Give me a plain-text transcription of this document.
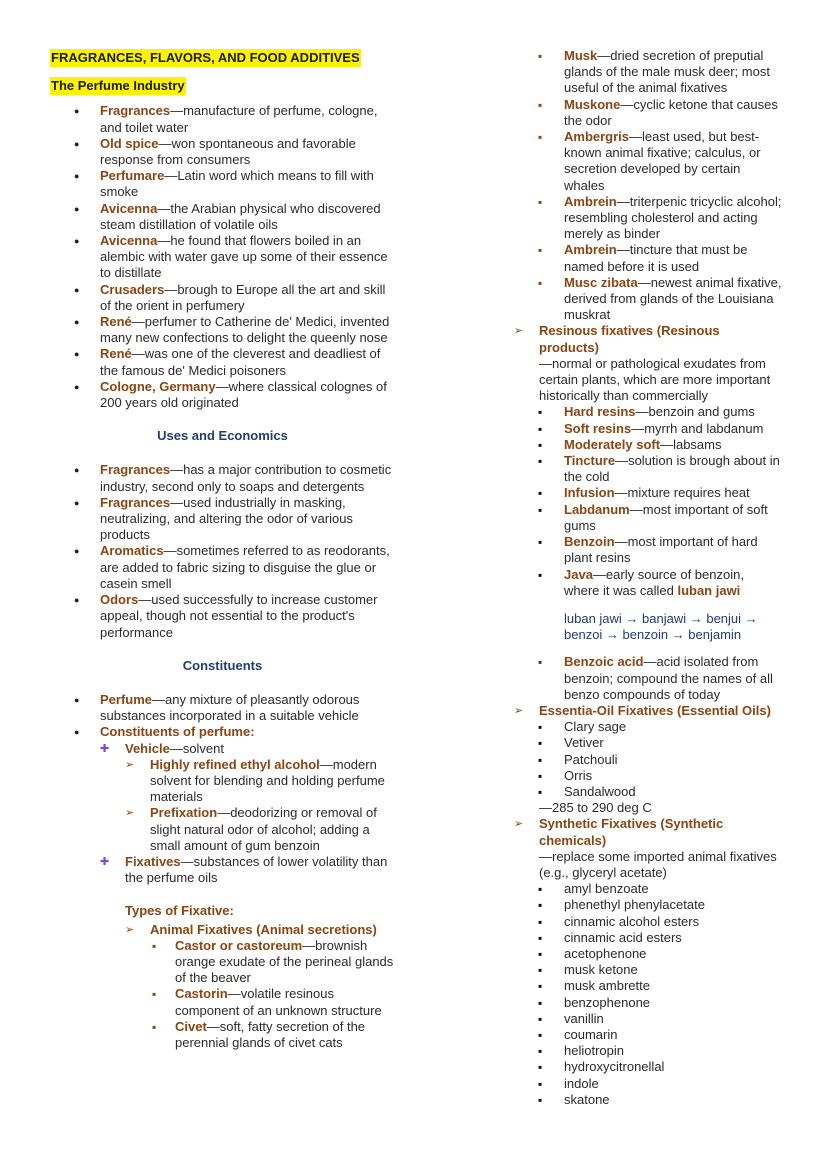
FRAGRANCES, FLAVORS, AND FOOD ADDITIVES
The Perfume Industry
● Fragrances—manufacture of perfume, cologne, and toilet water
● Old spice—won spontaneous and favorable response from consumers
● Perfumare—Latin word which means to fill with smoke
● Avicenna—the Arabian physical who discovered steam distillation of volatile oils
● Avicenna—he found that flowers boiled in an alembic with water gave up some of their essence to distillate
● Crusaders—brough to Europe all the art and skill of the orient in perfumery
● René—perfumer to Catherine de' Medici, invented many new confections to delight the queenly nose
● René—was one of the cleverest and deadliest of the famous de' Medici poisoners
● Cologne, Germany—where classical colognes of 200 years old originated
Uses and Economics
● Fragrances—has a major contribution to cosmetic industry, second only to soaps and detergents
● Fragrances—used industrially in masking, neutralizing, and altering the odor of various products
● Aromatics—sometimes referred to as reodorants, are added to fabric sizing to disguise the glue or casein smell
● Odors—used successfully to increase customer appeal, though not essential to the product's performance
Constituents
● Perfume—any mixture of pleasantly odorous substances incorporated in a suitable vehicle
● Constituents of perfume:
✚ Vehicle—solvent
➢ Highly refined ethyl alcohol—modern solvent for blending and holding perfume materials
➢ Prefixation—deodorizing or removal of slight natural odor of alcohol; adding a small amount of gum benzoin
✚ Fixatives—substances of lower volatility than the perfume oils
Types of Fixative:
➢ Animal Fixatives (Animal secretions)
▪ Castor or castoreum—brownish orange exudate of the perineal glands of the beaver
▪ Castorin—volatile resinous component of an unknown structure
▪ Civet—soft, fatty secretion of the perennial glands of civet cats
▪ Musk—dried secretion of preputial glands of the male musk deer; most useful of the animal fixatives
▪ Muskone—cyclic ketone that causes the odor
▪ Ambergris—least used, but best-known animal fixative; calculus, or secretion developed by certain whales
▪ Ambrein—triterpenic tricyclic alcohol; resembling cholesterol and acting merely as binder
▪ Ambrein—tincture that must be named before it is used
▪ Musc zibata—newest animal fixative, derived from glands of the Louisiana muskrat
➢ Resinous fixatives (Resinous products)
—normal or pathological exudates from certain plants, which are more important historically than commercially
▪ Hard resins—benzoin and gums
▪ Soft resins—myrrh and labdanum
▪ Moderately soft—labsams
▪ Tincture—solution is brough about in the cold
▪ Infusion—mixture requires heat
▪ Labdanum—most important of soft gums
▪ Benzoin—most important of hard plant resins
▪ Java—early source of benzoin, where it was called luban jawi
luban jawi → banjawi → benjui → benzoi → benzoin → benjamin
▪ Benzoic acid—acid isolated from benzoin; compound the names of all benzo compounds of today
➢ Essentia-Oil Fixatives (Essential Oils)
▪ Clary sage
▪ Vetiver
▪ Patchouli
▪ Orris
▪ Sandalwood
—285 to 290 deg C
➢ Synthetic Fixatives (Synthetic chemicals)
—replace some imported animal fixatives (e.g., glyceryl acetate)
▪ amyl benzoate
▪ phenethyl phenylacetate
▪ cinnamic alcohol esters
▪ cinnamic acid esters
▪ acetophenone
▪ musk ketone
▪ musk ambrette
▪ benzophenone
▪ vanillin
▪ coumarin
▪ heliotropin
▪ hydroxycitronellal
▪ indole
▪ skatone
